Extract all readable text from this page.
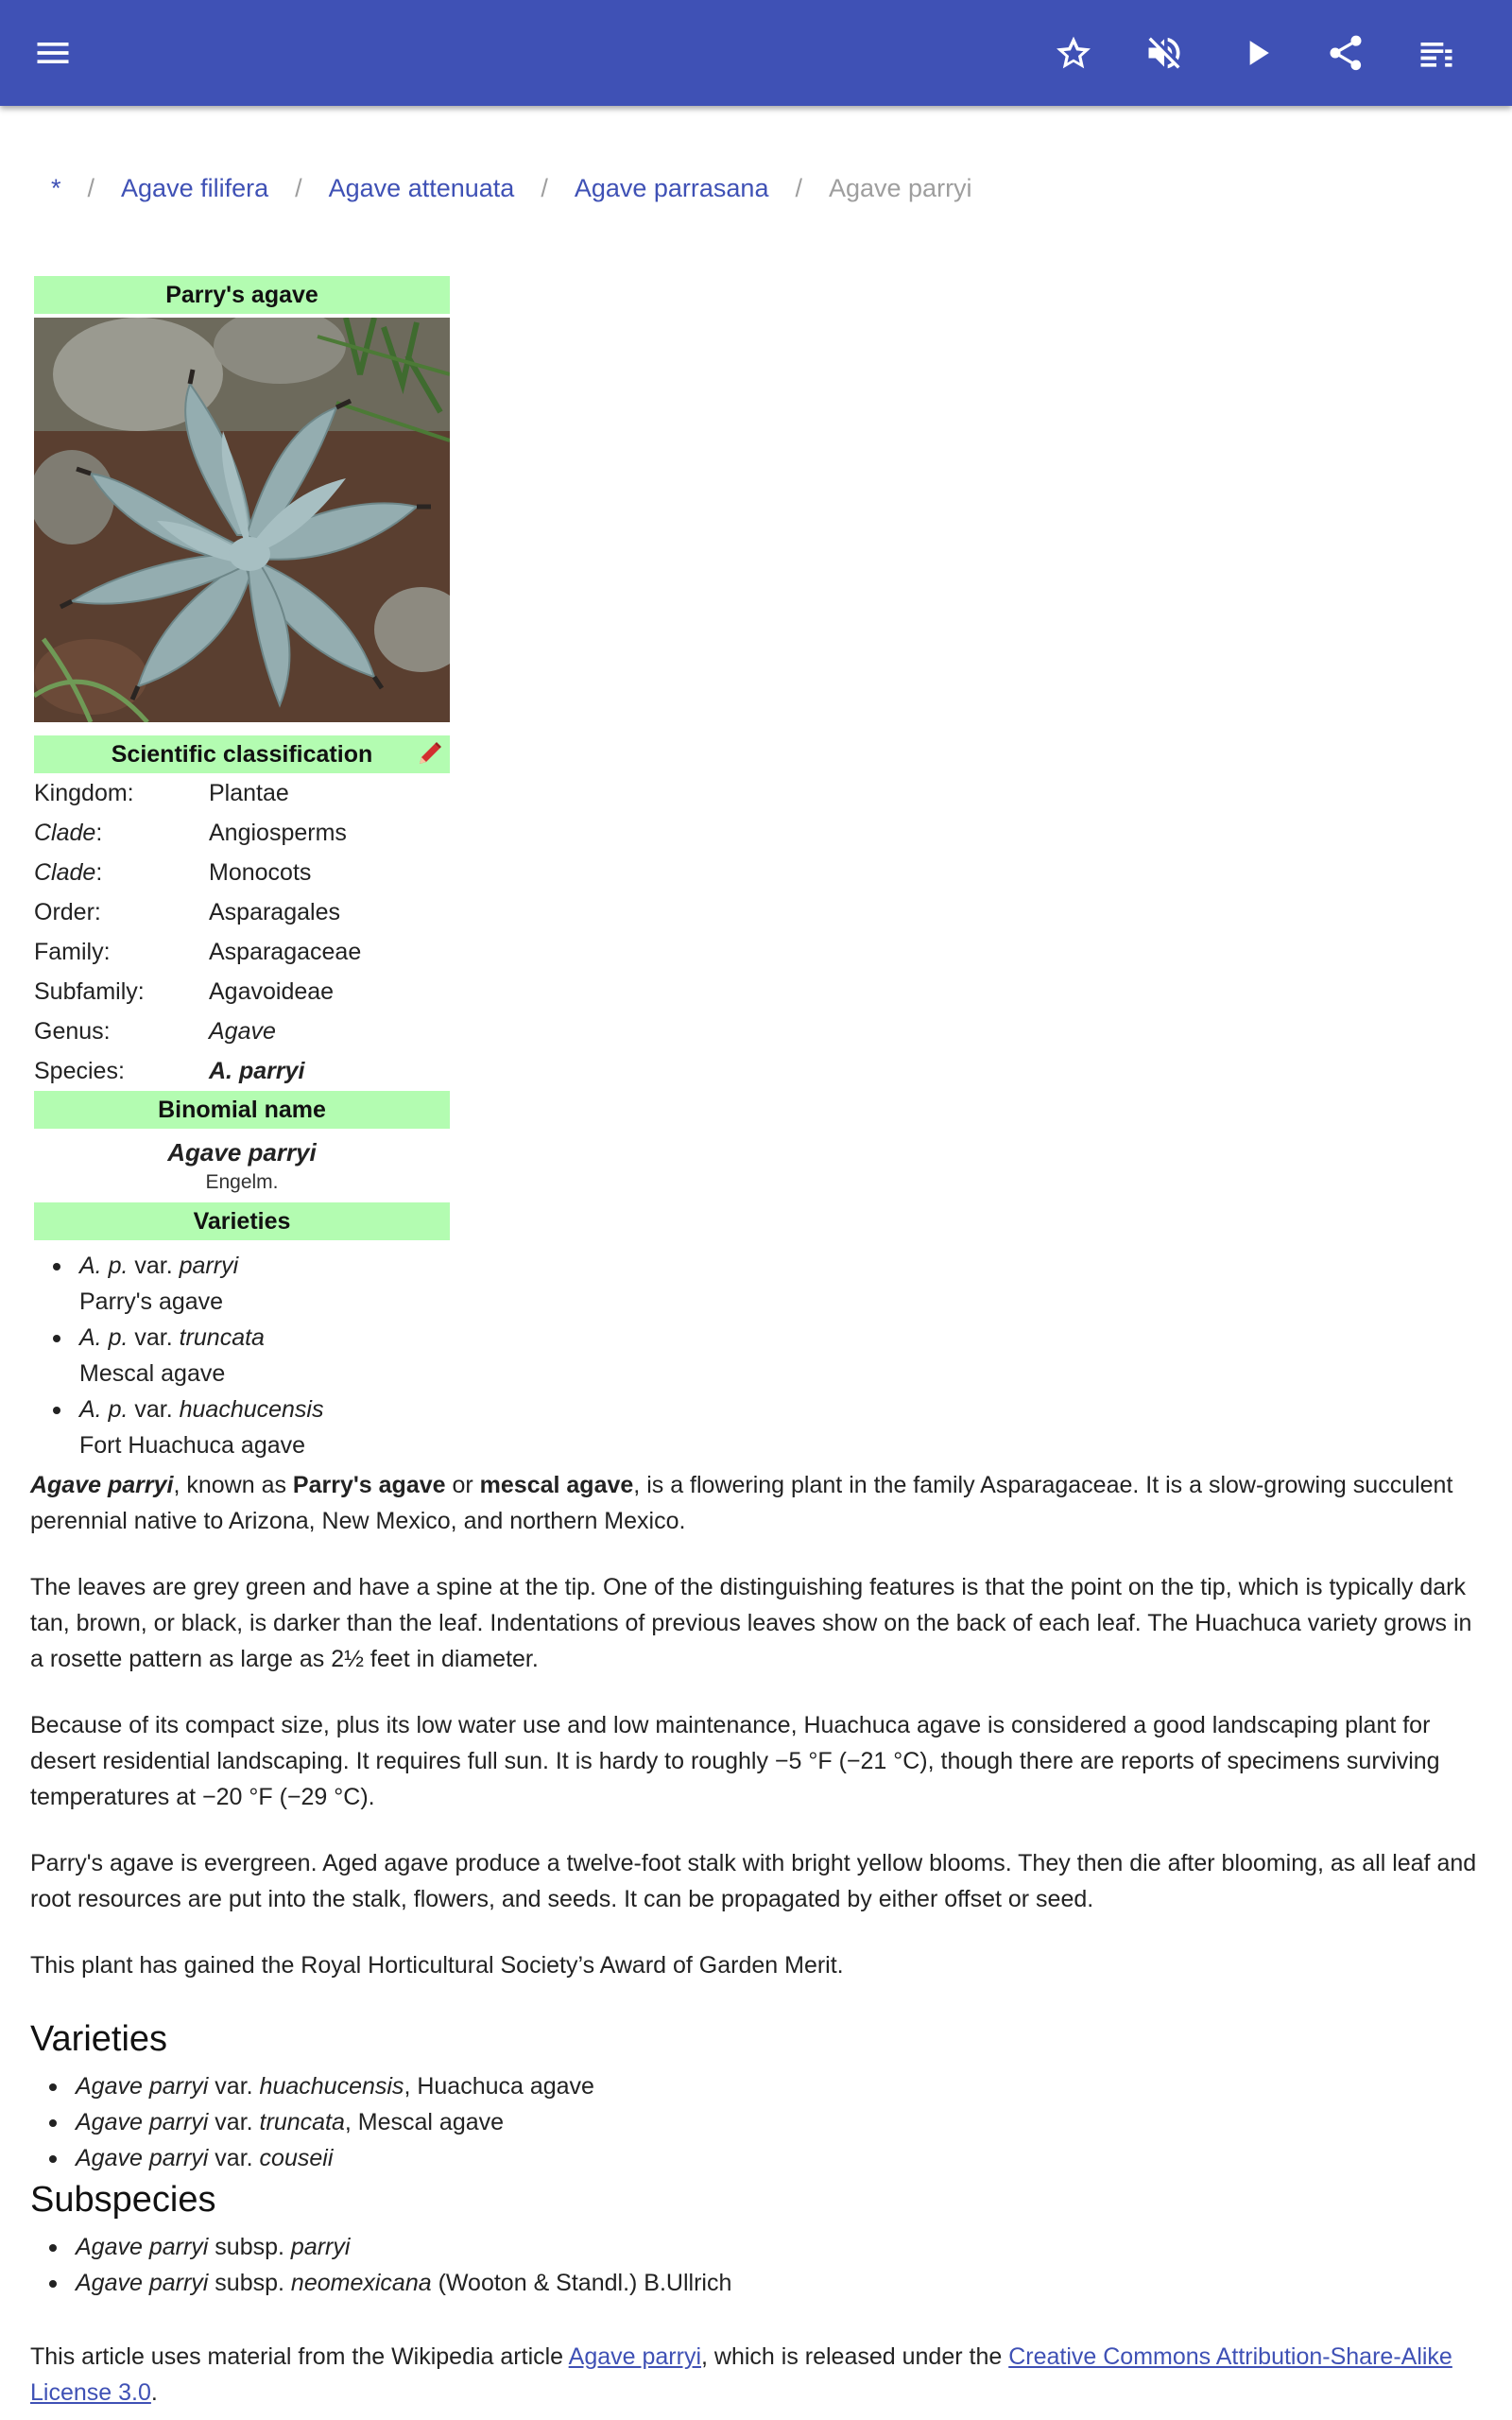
* / Agave filifera / Agave attenuata / Agave parrasana / Agave parryi
Parry's agave
Scientific classification
Kingdom:	Plantae
Clade:	Angiosperms
Clade:	Monocots
Order:	Asparagales
Family:	Asparagaceae
Subfamily:	Agavoideae
Genus:	Agave
Species:	A. parryi
Binomial name
Agave parryi
Engelm.
Varieties
A. p. var. parryi
Parry's agave
A. p. var. truncata
Mescal agave
A. p. var. huachucensis
Fort Huachuca agave

Agave parryi, known as Parry's agave or mescal agave, is a flowering plant in the family Asparagaceae. It is a slow-growing succulent perennial native to Arizona, New Mexico, and northern Mexico.

The leaves are grey green and have a spine at the tip. One of the distinguishing features is that the point on the tip, which is typically dark tan, brown, or black, is darker than the leaf. Indentations of previous leaves show on the back of each leaf. The Huachuca variety grows in a rosette pattern as large as 2½ feet in diameter.

Because of its compact size, plus its low water use and low maintenance, Huachuca agave is considered a good landscaping plant for desert residential landscaping. It requires full sun. It is hardy to roughly −5 °F (−21 °C), though there are reports of specimens surviving temperatures at −20 °F (−29 °C).

Parry's agave is evergreen. Aged agave produce a twelve-foot stalk with bright yellow blooms. They then die after blooming, as all leaf and root resources are put into the stalk, flowers, and seeds. It can be propagated by either offset or seed.

This plant has gained the Royal Horticultural Society’s Award of Garden Merit.

Varieties
Agave parryi var. huachucensis, Huachuca agave
Agave parryi var. truncata, Mescal agave
Agave parryi var. couseii
Subspecies
Agave parryi subsp. parryi
Agave parryi subsp. neomexicana (Wooton & Standl.) B.Ullrich

This article uses material from the Wikipedia article Agave parryi, which is released under the Creative Commons Attribution-Share-Alike License 3.0.
